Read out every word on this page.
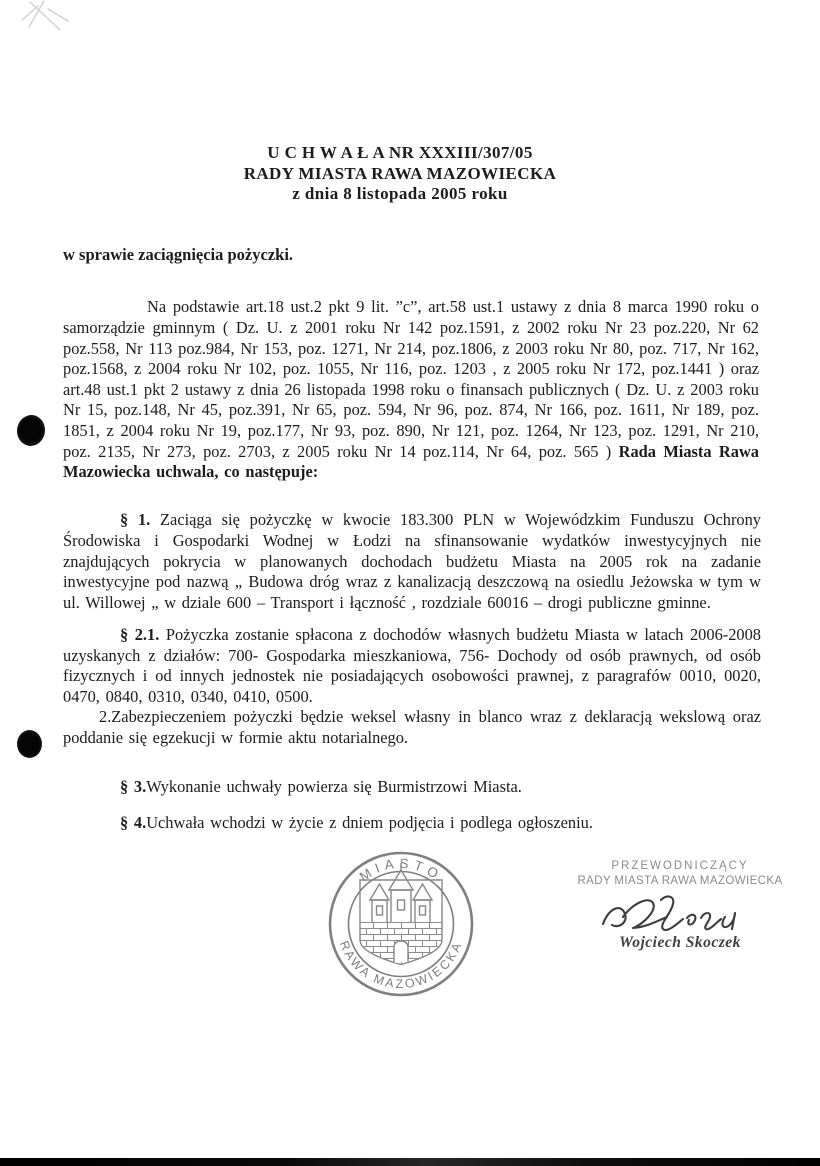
U C H W A Ł A NR XXXIII/307/05
RADY MIASTA RAWA MAZOWIECKA
z dnia 8 listopada 2005 roku
w sprawie zaciągnięcia pożyczki.

Na podstawie art.18 ust.2 pkt 9 lit. ”c”, art.58 ust.1 ustawy z dnia 8 marca 1990 roku o samorządzie gminnym ( Dz. U. z 2001 roku Nr 142 poz.1591, z 2002 roku Nr 23 poz.220, Nr 62 poz.558, Nr 113 poz.984, Nr 153, poz. 1271, Nr 214, poz.1806, z 2003 roku Nr 80, poz. 717, Nr 162, poz.1568, z 2004 roku Nr 102, poz. 1055, Nr 116, poz. 1203 , z 2005 roku Nr 172, poz.1441 ) oraz art.48 ust.1 pkt 2 ustawy z dnia 26 listopada 1998 roku o finansach publicznych ( Dz. U. z 2003 roku Nr 15, poz.148, Nr 45, poz.391, Nr 65, poz. 594, Nr 96, poz. 874, Nr 166, poz. 1611, Nr 189, poz. 1851, z 2004 roku Nr 19, poz.177, Nr 93, poz. 890, Nr 121, poz. 1264, Nr 123, poz. 1291, Nr 210, poz. 2135, Nr 273, poz. 2703, z 2005 roku Nr 14 poz.114, Nr 64, poz. 565 ) Rada Miasta Rawa Mazowiecka uchwala, co następuje:

§ 1. Zaciąga się pożyczkę w kwocie 183.300 PLN w Wojewódzkim Funduszu Ochrony Środowiska i Gospodarki Wodnej w Łodzi na sfinansowanie wydatków inwestycyjnych nie znajdujących pokrycia w planowanych dochodach budżetu Miasta na 2005 rok na zadanie inwestycyjne pod nazwą „ Budowa dróg wraz z kanalizacją deszczową na osiedlu Jeżowska w tym w ul. Willowej „ w dziale 600 – Transport i łączność , rozdziale 60016 – drogi publiczne gminne.

§ 2.1. Pożyczka zostanie spłacona z dochodów własnych budżetu Miasta w latach 2006-2008 uzyskanych z działów: 700- Gospodarka mieszkaniowa, 756- Dochody od osób prawnych, od osób fizycznych i od innych jednostek nie posiadających osobowości prawnej, z paragrafów 0010, 0020, 0470, 0840, 0310, 0340, 0410, 0500.

2.Zabezpieczeniem pożyczki będzie weksel własny in blanco wraz z deklaracją wekslową oraz poddanie się egzekucji w formie aktu notarialnego.

§ 3.Wykonanie uchwały powierza się Burmistrzowi Miasta.

§ 4.Uchwała wchodzi w życie z dniem podjęcia i podlega ogłoszeniu.

MIASTO
RAWA MAZOWIECKA
PRZEWODNICZĄCY
RADY MIASTA RAWA MAZOWIECKA
Wojciech Skoczek
